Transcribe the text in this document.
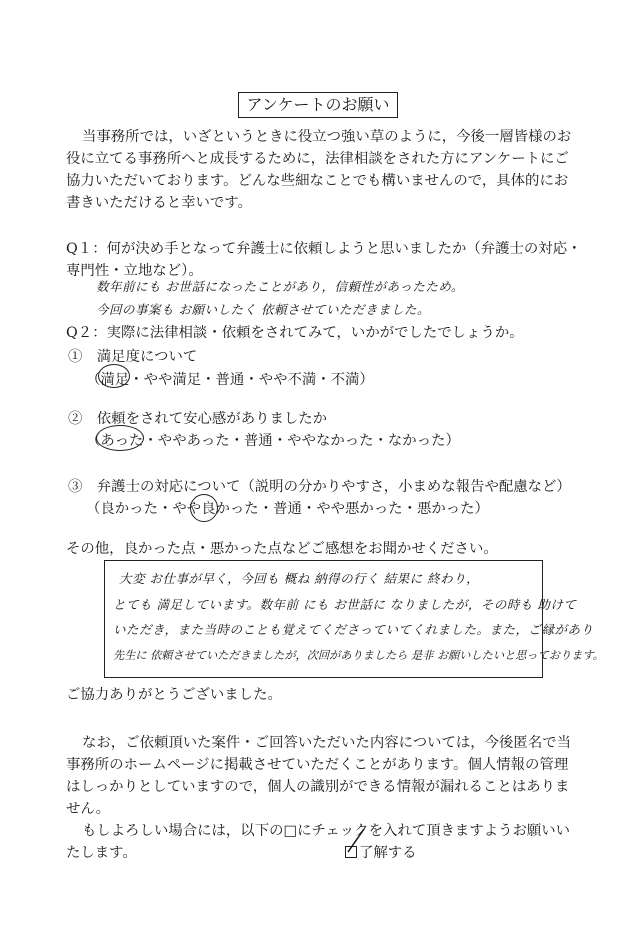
アンケートのお願い
当事務所では，いざというときに役立つ強い草のように，今後一層皆様のお
役に立てる事務所へと成長するために，法律相談をされた方にアンケートにご
協力いただいております。どんな些細なことでも構いませんので，具体的にお
書きいただけると幸いです。
Q１：何が決め手となって弁護士に依頼しようと思いましたか（弁護士の対応・
専門性・立地など）。
数年前にも お世話になったことがあり，信頼性があったため。
今回の事案も お願いしたく 依頼させていただきました。
Q２：実際に法律相談・依頼をされてみて，いかがでしたでしょうか。
①　満足度について
（満足・やや満足・普通・やや不満・不満）
②　依頼をされて安心感がありましたか
（あった・ややあった・普通・ややなかった・なかった）
③　弁護士の対応について（説明の分かりやすさ，小まめな報告や配慮など）
（良かった・やや良かった・普通・やや悪かった・悪かった）
その他，良かった点・悪かった点などご感想をお聞かせください。
大変 お仕事が早く，今回も 概ね 納得の行く 結果に 終わり，
とても 満足しています。数年前 にも お世話に なりましたが，その時も 助けて
いただき，また当時のことも覚えてくださっていてくれました。また，ご縁があり
先生に 依頼させていただきましたが，次回がありましたら 是非 お願いしたいと思っております。
ご協力ありがとうございました。
なお，ご依頼頂いた案件・ご回答いただいた内容については，今後匿名で当
事務所のホームページに掲載させていただくことがあります。個人情報の管理
はしっかりとしていますので，個人の識別ができる情報が漏れることはありま
せん。
もしよろしい場合には，以下の□にチェックを入れて頂きますようお願いい
たします。	了解する
